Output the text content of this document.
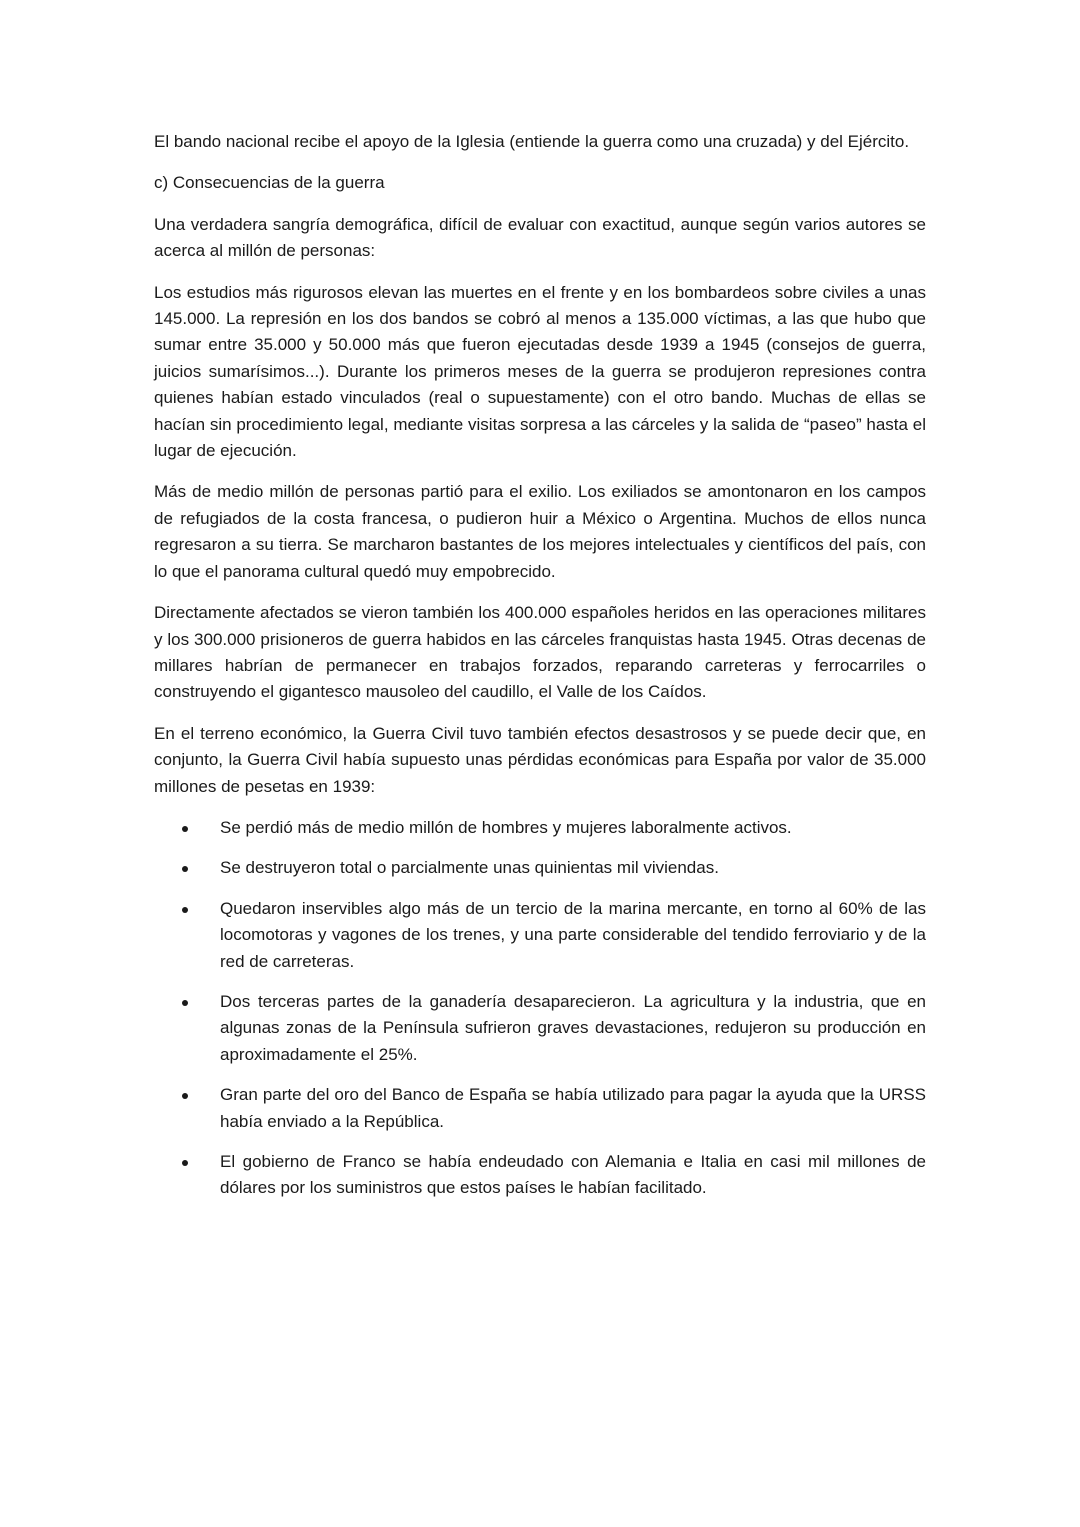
El bando nacional recibe el apoyo de la Iglesia (entiende la guerra como una cruzada) y del Ejército.

c) Consecuencias de la guerra

Una verdadera sangría demográfica, difícil de evaluar con exactitud, aunque según varios autores se acerca al millón de personas:

Los estudios más rigurosos elevan las muertes en el frente y en los bombardeos sobre civiles a unas 145.000. La represión en los dos bandos se cobró al menos a 135.000 víctimas, a las que hubo que sumar entre 35.000 y 50.000 más que fueron ejecutadas desde 1939 a 1945 (consejos de guerra, juicios sumarísimos...). Durante los primeros meses de la guerra se produjeron represiones contra quienes habían estado vinculados (real o supuestamente) con el otro bando. Muchas de ellas se hacían sin procedimiento legal, mediante visitas sorpresa a las cárceles y la salida de “paseo” hasta el lugar de ejecución.

Más de medio millón de personas partió para el exilio. Los exiliados se amontonaron en los campos de refugiados de la costa francesa, o pudieron huir a México o Argentina. Muchos de ellos nunca regresaron a su tierra. Se marcharon bastantes de los mejores intelectuales y científicos del país, con lo que el panorama cultural quedó muy empobrecido.

Directamente afectados se vieron también los 400.000 españoles heridos en las operaciones militares y los 300.000 prisioneros de guerra habidos en las cárceles franquistas hasta 1945. Otras decenas de millares habrían de permanecer en trabajos forzados, reparando carreteras y ferrocarriles o construyendo el gigantesco mausoleo del caudillo, el Valle de los Caídos.

En el terreno económico, la Guerra Civil tuvo también efectos desastrosos y se puede decir que, en conjunto, la Guerra Civil había supuesto unas pérdidas económicas para España por valor de 35.000 millones de pesetas en 1939:

Se perdió más de medio millón de hombres y mujeres laboralmente activos.

Se destruyeron total o parcialmente unas quinientas mil viviendas.

Quedaron inservibles algo más de un tercio de la marina mercante, en torno al 60% de las locomotoras y vagones de los trenes, y una parte considerable del tendido ferroviario y de la red de carreteras.

Dos terceras partes de la ganadería desaparecieron. La agricultura y la industria, que en algunas zonas de la Península sufrieron graves devastaciones, redujeron su producción en aproximadamente el 25%.

Gran parte del oro del Banco de España se había utilizado para pagar la ayuda que la URSS había enviado a la República.

El gobierno de Franco se había endeudado con Alemania e Italia en casi mil millones de dólares por los suministros que estos países le habían facilitado.
